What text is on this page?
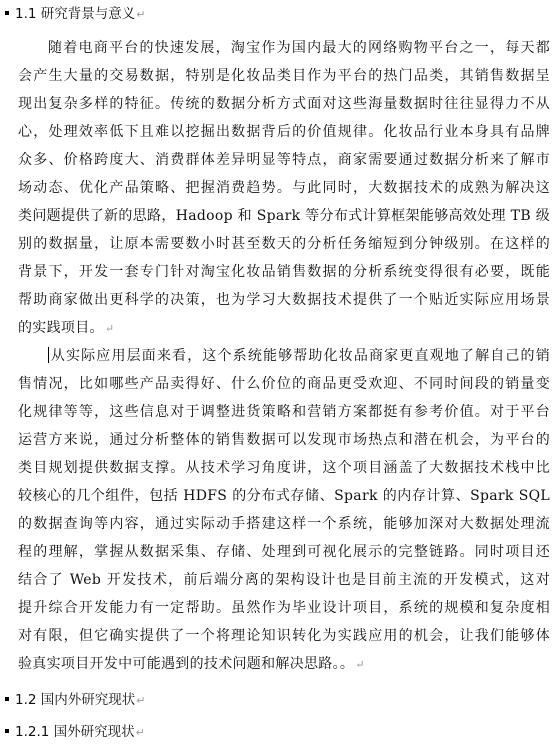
1.1 研究背景与意义↵
随着电商平台的快速发展，淘宝作为国内最大的网络购物平台之一，每天都
会产生大量的交易数据，特别是化妆品类目作为平台的热门品类，其销售数据呈
现出复杂多样的特征。传统的数据分析方式面对这些海量数据时往往显得力不从
心，处理效率低下且难以挖掘出数据背后的价值规律。化妆品行业本身具有品牌
众多、价格跨度大、消费群体差异明显等特点，商家需要通过数据分析来了解市
场动态、优化产品策略、把握消费趋势。与此同时，大数据技术的成熟为解决这
类问题提供了新的思路，Hadoop 和 Spark 等分布式计算框架能够高效处理 TB 级
别的数据量，让原本需要数小时甚至数天的分析任务缩短到分钟级别。在这样的
背景下，开发一套专门针对淘宝化妆品销售数据的分析系统变得很有必要，既能
帮助商家做出更科学的决策，也为学习大数据技术提供了一个贴近实际应用场景
的实践项目。↵
从实际应用层面来看，这个系统能够帮助化妆品商家更直观地了解自己的销
售情况，比如哪些产品卖得好、什么价位的商品更受欢迎、不同时间段的销量变
化规律等等，这些信息对于调整进货策略和营销方案都挺有参考价值。对于平台
运营方来说，通过分析整体的销售数据可以发现市场热点和潜在机会，为平台的
类目规划提供数据支撑。从技术学习角度讲，这个项目涵盖了大数据技术栈中比
较核心的几个组件，包括 HDFS 的分布式存储、Spark 的内存计算、Spark SQL
的数据查询等内容，通过实际动手搭建这样一个系统，能够加深对大数据处理流
程的理解，掌握从数据采集、存储、处理到可视化展示的完整链路。同时项目还
结合了 Web 开发技术，前后端分离的架构设计也是目前主流的开发模式，这对
提升综合开发能力有一定帮助。虽然作为毕业设计项目，系统的规模和复杂度相
对有限，但它确实提供了一个将理论知识转化为实践应用的机会，让我们能够体
验真实项目开发中可能遇到的技术问题和解决思路。。↵
1.2 国内外研究现状↵
1.2.1 国外研究现状↵
